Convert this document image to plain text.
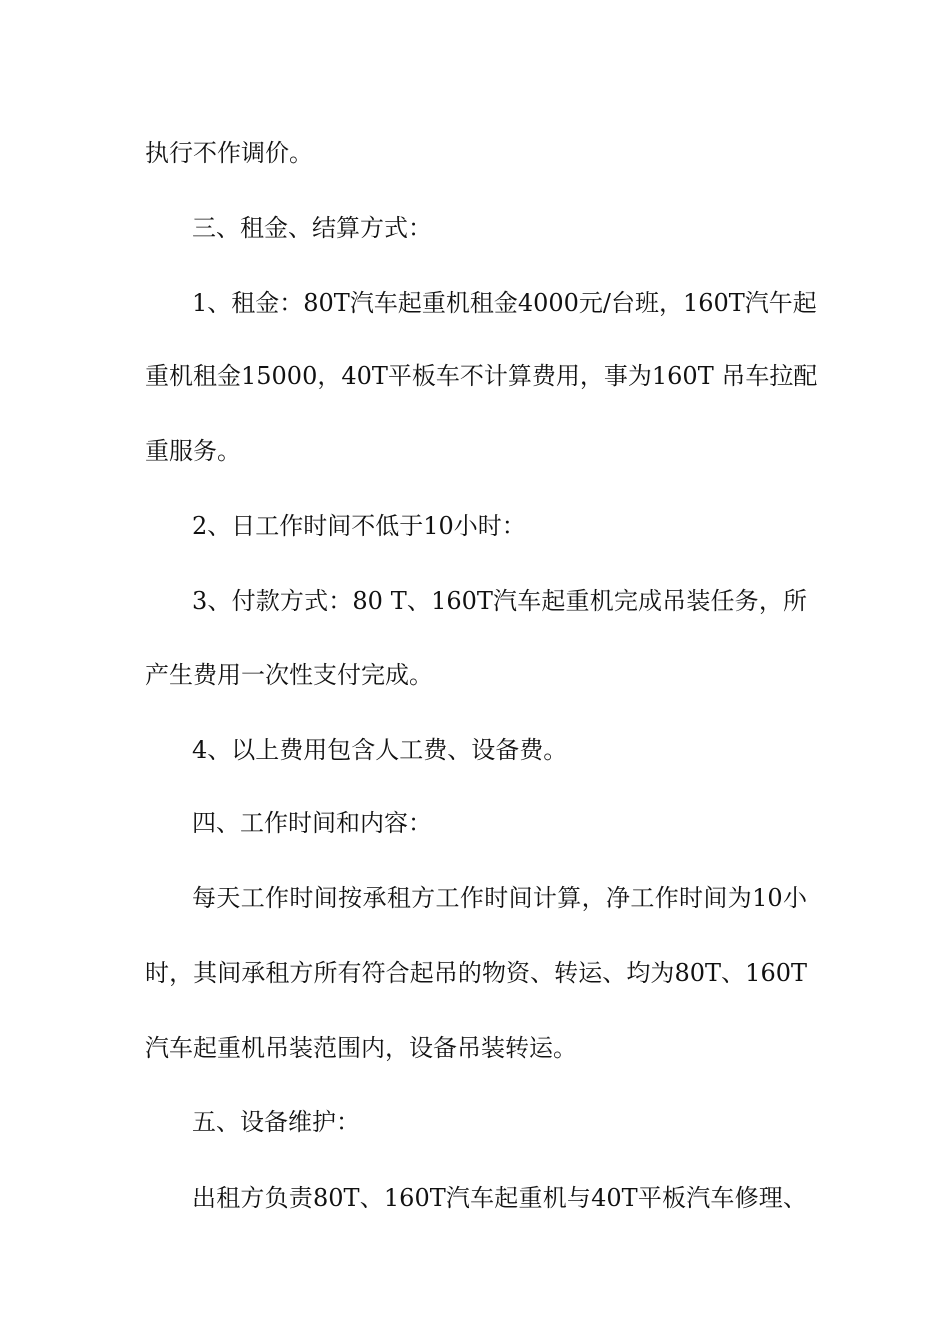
执行不作调价。
三、租金、结算方式：
1、租金：80T汽车起重机租金4000元/台班，160T汽午起
重机租金15000，40T平板车不计算费用，事为160T 吊车拉配
重服务。
2、日工作时间不低于10小时：
3、付款方式：80 T、160T汽车起重机完成吊装任务，所
产生费用一次性支付完成。
4、以上费用包含人工费、设备费。
四、工作时间和内容：
每天工作时间按承租方工作时间计算，净工作时间为10小
时，其间承租方所有符合起吊的物资、转运、均为80T、160T
汽车起重机吊装范围内，设备吊装转运。
五、设备维护：
出租方负责80T、160T汽车起重机与40T平板汽车修理、
